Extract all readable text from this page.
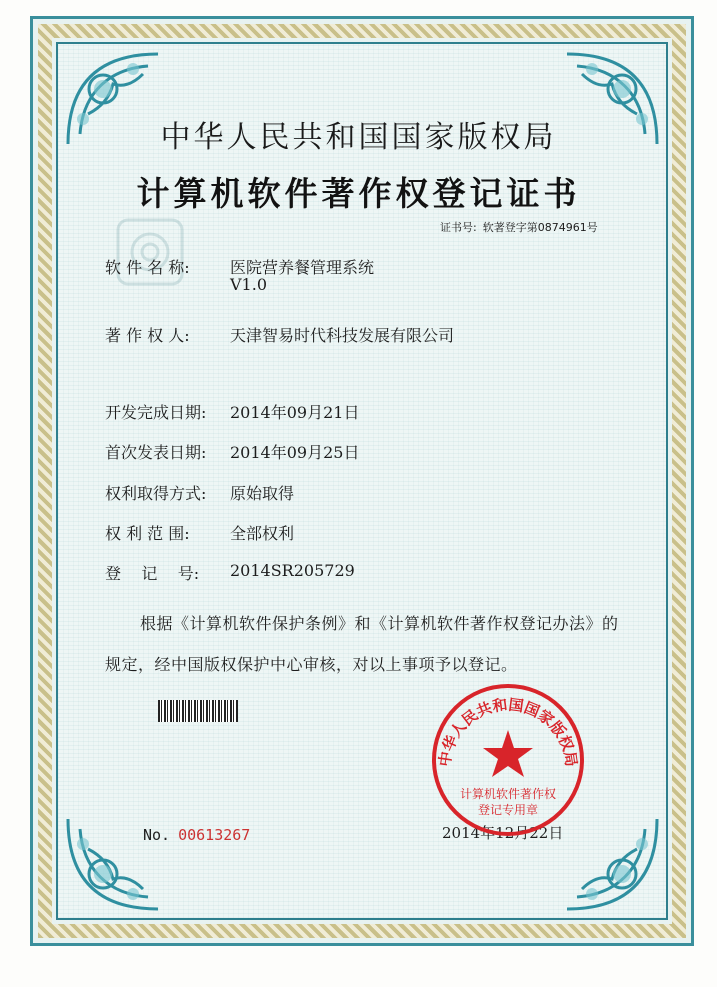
中华人民共和国国家版权局
计算机软件著作权登记证书
证书号: 软著登字第0874961号
软 件 名 称:	医院营养餐管理系统
V1.0
著 作 权 人:	天津智易时代科技发展有限公司
开发完成日期: 2014年09月21日
首次发表日期: 2014年09月25日
权利取得方式: 原始取得
权 利 范 围:	全部权利
登    记    号: 2014SR205729
根据《计算机软件保护条例》和《计算机软件著作权登记办法》的
规定，经中国版权保护中心审核，对以上事项予以登记。
No. 00613267	2014年12月22日
中华人民共和国国家版权局
计算机软件著作权
登记专用章
